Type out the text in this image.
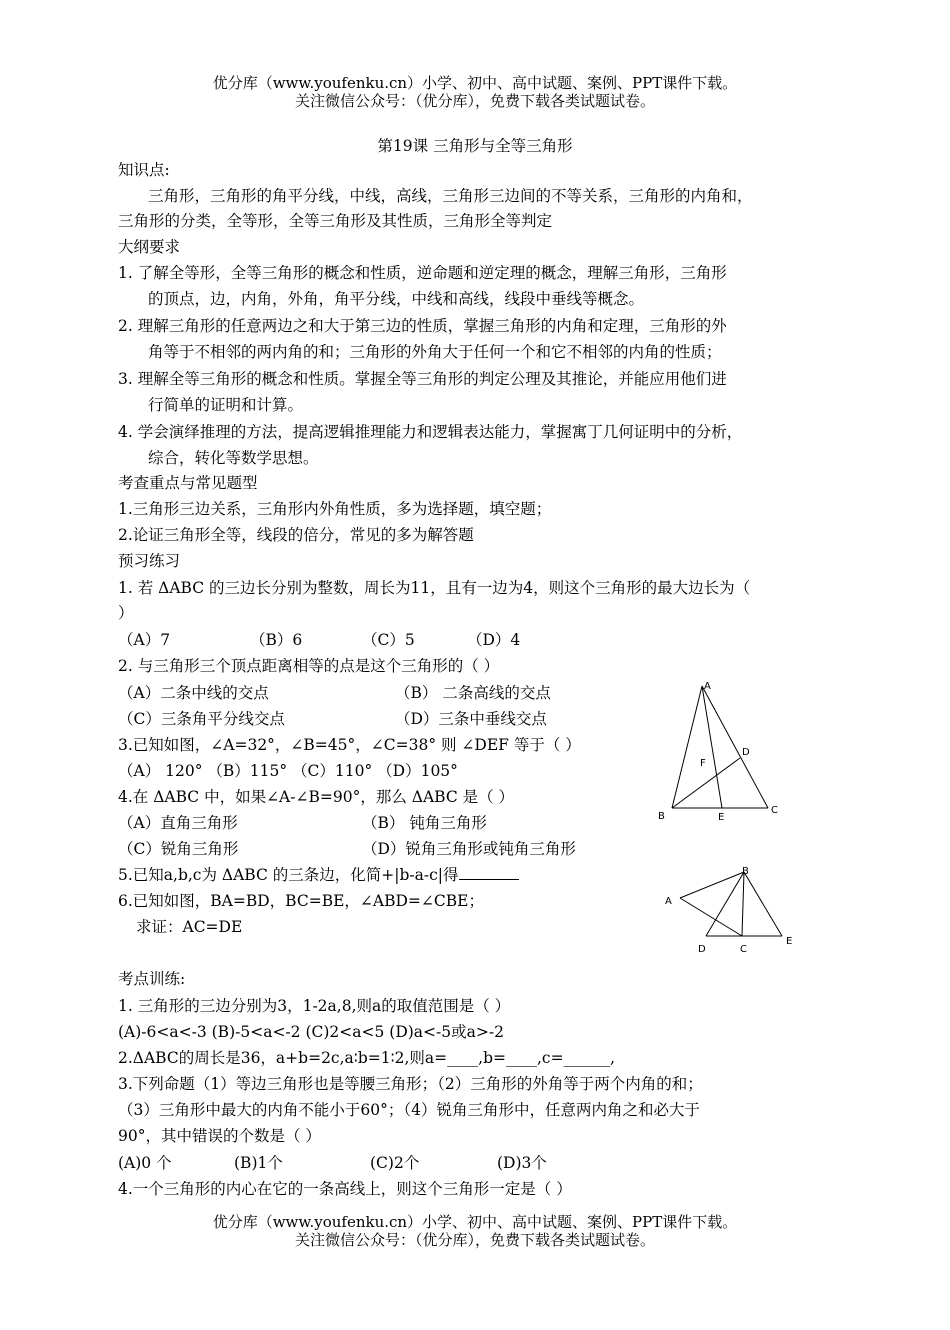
优分库（www.youfenku.cn）小学、初中、高中试题、案例、PPT课件下载。
关注微信公众号：（优分库），免费下载各类试题试卷。
第19课 三角形与全等三角形
知识点:
三角形，三角形的角平分线，中线，高线，三角形三边间的不等关系，三角形的内角和，
三角形的分类，全等形，全等三角形及其性质，三角形全等判定
大纲要求
1. 了解全等形，全等三角形的概念和性质，逆命题和逆定理的概念，理解三角形，三角形
的顶点，边，内角，外角，角平分线，中线和高线，线段中垂线等概念。
2. 理解三角形的任意两边之和大于第三边的性质，掌握三角形的内角和定理，三角形的外
角等于不相邻的两内角的和；三角形的外角大于任何一个和它不相邻的内角的性质；
3. 理解全等三角形的概念和性质。掌握全等三角形的判定公理及其推论，并能应用他们进
行简单的证明和计算。
4. 学会演绎推理的方法，提高逻辑推理能力和逻辑表达能力，掌握寓丁几何证明中的分析，
综合，转化等数学思想。
考查重点与常见题型
1.三角形三边关系，三角形内外角性质，多为选择题，填空题；
2.论证三角形全等，线段的倍分，常见的多为解答题
预习练习
1. 若 ΔABC 的三边长分别为整数，周长为11，且有一边为4，则这个三角形的最大边长为（
）
（A）7	（B）6	（C）5	（D）4
2. 与三角形三个顶点距离相等的点是这个三角形的（ ）
（A）二条中线的交点	（B） 二条高线的交点
（C）三条角平分线交点	（D）三条中垂线交点
3.已知如图，∠A=32°，∠B=45°，∠C=38° 则 ∠DEF 等于（ ）
（A） 120° （B）115° （C）110° （D）105°
4.在 ΔABC 中，如果∠A-∠B=90°，那么 ΔABC 是（ ）
（A）直角三角形	（B） 钝角三角形
（C）锐角三角形	（D）锐角三角形或钝角三角形
5.已知a,b,c为 ΔABC 的三条边，化简+|b-a-c|得
6.已知如图，BA=BD，BC=BE，∠ABD=∠CBE；
求证：AC=DE
A
B
C
D
E
F
A
B
C
D
E
考点训练:
1. 三角形的三边分别为3，1-2a,8,则a的取值范围是（ ）
(A)-6<a<-3 (B)-5<a<-2 (C)2<a<5 (D)a<-5或a>-2
2.ΔABC的周长是36，a+b=2c,a∶b=1∶2,则a=____,b=____,c=______,
3.下列命题（1）等边三角形也是等腰三角形；（2）三角形的外角等于两个内角的和；
（3）三角形中最大的内角不能小于60°；（4）锐角三角形中，任意两内角之和必大于
90°，其中错误的个数是（ ）
(A)0 个	(B)1个	(C)2个	(D)3个
4.一个三角形的内心在它的一条高线上，则这个三角形一定是（ ）
优分库（www.youfenku.cn）小学、初中、高中试题、案例、PPT课件下载。
关注微信公众号：（优分库），免费下载各类试题试卷。
